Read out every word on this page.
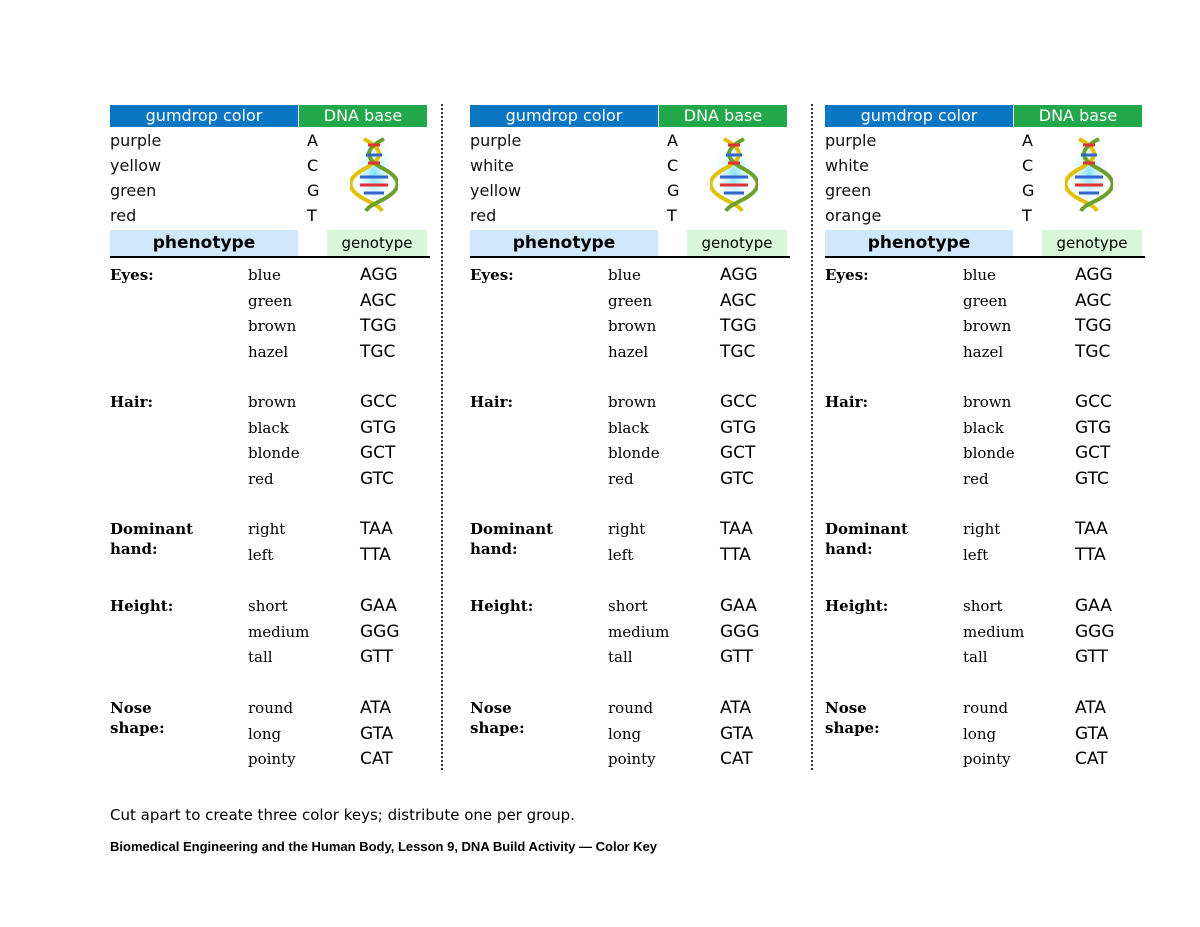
gumdrop color	DNA base
purple	A
yellow	C
green	G
red	T
phenotype	genotype
Eyes:	blue	AGG
green	AGC
brown	TGG
hazel	TGC
Hair:	brown	GCC
black	GTG
blonde	GCT
red	GTC
Dominant hand:
right	TAA
left	TTA
Height:	short	GAA
medium	GGG
tall	GTT
Nose shape:
round	ATA
long	GTA
pointy	CAT
gumdrop color	DNA base
purple	A
white	C
yellow	G
red	T
phenotype	genotype
Eyes:	blue	AGG
green	AGC
brown	TGG
hazel	TGC
Hair:	brown	GCC
black	GTG
blonde	GCT
red	GTC
Dominant hand:
right	TAA
left	TTA
Height:	short	GAA
medium	GGG
tall	GTT
Nose shape:
round	ATA
long	GTA
pointy	CAT
gumdrop color	DNA base
purple	A
white	C
green	G
orange	T
phenotype	genotype
Eyes:	blue	AGG
green	AGC
brown	TGG
hazel	TGC
Hair:	brown	GCC
black	GTG
blonde	GCT
red	GTC
Dominant hand:
right	TAA
left	TTA
Height:	short	GAA
medium	GGG
tall	GTT
Nose shape:
round	ATA
long	GTA
pointy	CAT
Cut apart to create three color keys; distribute one per group.
Biomedical Engineering and the Human Body, Lesson 9, DNA Build Activity — Color Key
